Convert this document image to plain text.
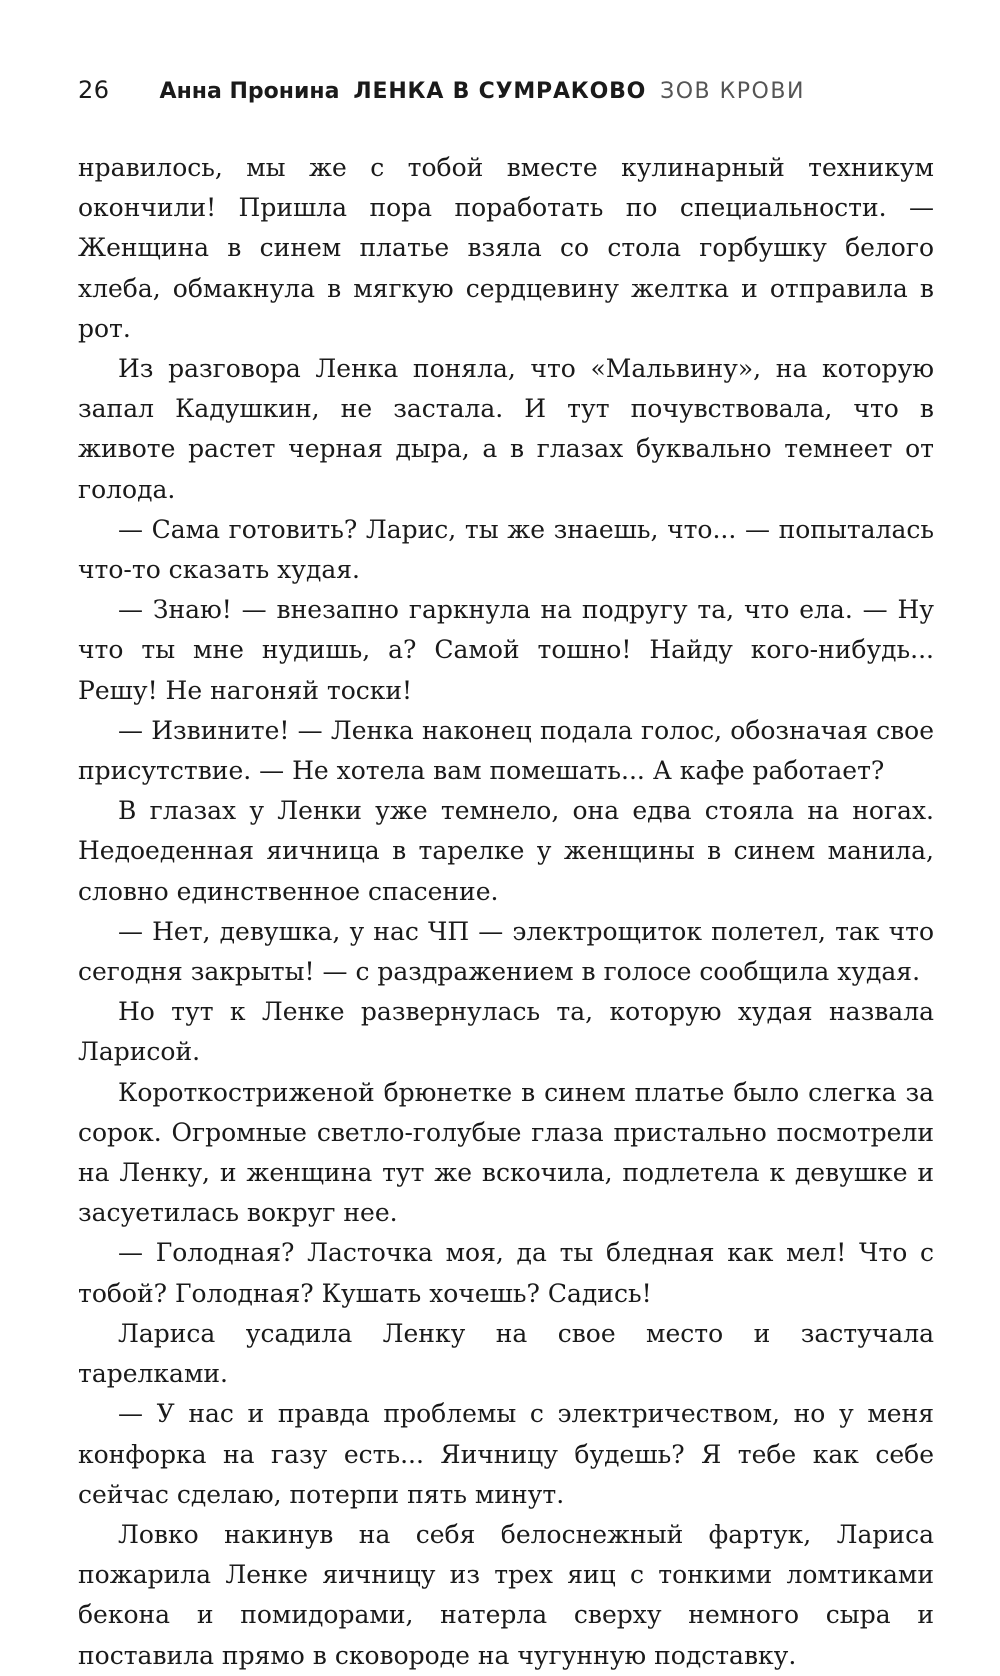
26 Анна Пронина ЛЕНКА В СУМРАКОВО ЗОВ КРОВИ

нравилось, мы же с тобой вместе кулинарный техникум окончили! Пришла пора поработать по специальности. — Женщина в синем платье взяла со стола горбушку белого хлеба, обмакнула в мягкую сердцевину желтка и отправила в рот.

Из разговора Ленка поняла, что «Мальвину», на которую запал Кадушкин, не застала. И тут почувствовала, что в животе растет черная дыра, а в глазах буквально темнеет от голода.

— Сама готовить? Ларис, ты же знаешь, что... — попыталась что-то сказать худая.

— Знаю! — внезапно гаркнула на подругу та, что ела. — Ну что ты мне нудишь, а? Самой тошно! Найду кого-нибудь... Решу! Не нагоняй тоски!

— Извините! — Ленка наконец подала голос, обозначая свое присутствие. — Не хотела вам помешать... А кафе работает?

В глазах у Ленки уже темнело, она едва стояла на ногах. Недоеденная яичница в тарелке у женщины в синем манила, словно единственное спасение.

— Нет, девушка, у нас ЧП — электрощиток полетел, так что сегодня закрыты! — с раздражением в голосе сообщила худая.

Но тут к Ленке развернулась та, которую худая назвала Ларисой.

Короткостриженой брюнетке в синем платье было слегка за сорок. Огромные светло-голубые глаза пристально посмотрели на Ленку, и женщина тут же вскочила, подлетела к девушке и засуетилась вокруг нее.

— Голодная? Ласточка моя, да ты бледная как мел! Что с тобой? Голодная? Кушать хочешь? Садись!

Лариса усадила Ленку на свое место и застучала тарелками.

— У нас и правда проблемы с электричеством, но у меня конфорка на газу есть... Яичницу будешь? Я тебе как себе сейчас сделаю, потерпи пять минут.

Ловко накинув на себя белоснежный фартук, Лариса пожарила Ленке яичницу из трех яиц с тонкими ломтиками бекона и помидорами, натерла сверху немного сыра и поставила прямо в сковороде на чугунную подставку.
